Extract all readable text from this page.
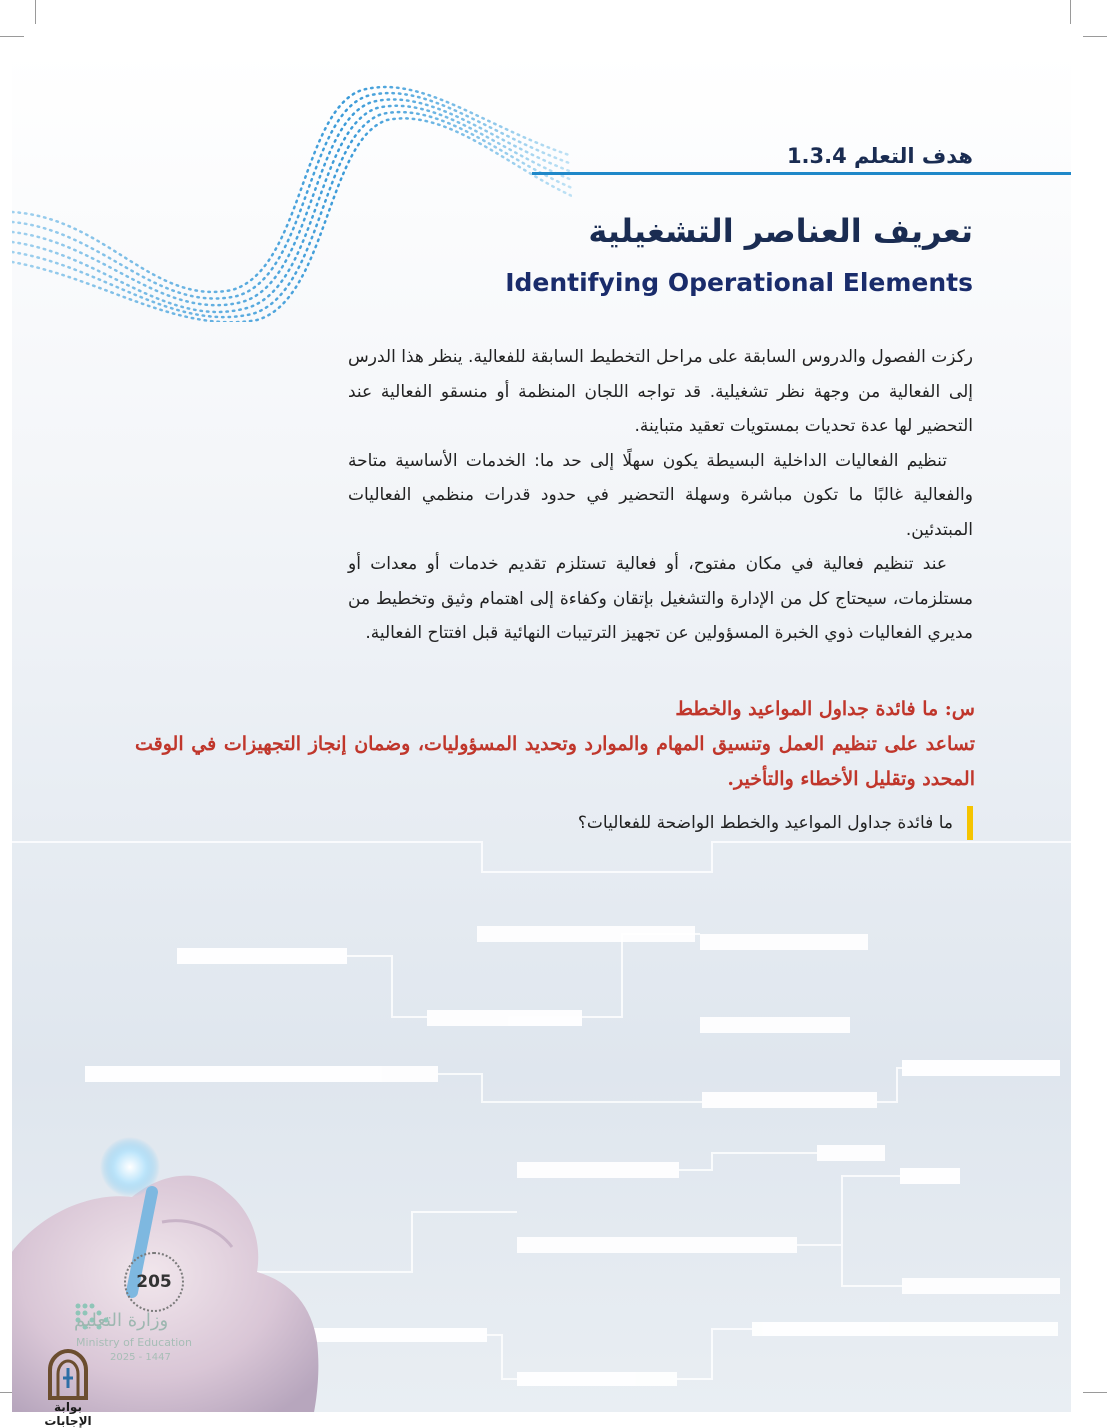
هدف التعلم 1.3.4
تعريف العناصر التشغيلية
Identifying Operational Elements

ركزت الفصول والدروس السابقة على مراحل التخطيط السابقة للفعالية. ينظر هذا الدرس إلى الفعالية من وجهة نظر تشغيلية. قد تواجه اللجان المنظمة أو منسقو الفعالية عند التحضير لها عدة تحديات بمستويات تعقيد متباينة.

تنظيم الفعاليات الداخلية البسيطة يكون سهلًا إلى حد ما: الخدمات الأساسية متاحة والفعالية غالبًا ما تكون مباشرة وسهلة التحضير في حدود قدرات منظمي الفعاليات المبتدئين.

عند تنظيم فعالية في مكان مفتوح، أو فعالية تستلزم تقديم خدمات أو معدات أو مستلزمات، سيحتاج كل من الإدارة والتشغيل بإتقان وكفاءة إلى اهتمام وثيق وتخطيط من مديري الفعاليات ذوي الخبرة المسؤولين عن تجهيز الترتيبات النهائية قبل افتتاح الفعالية.

س: ما فائدة جداول المواعيد والخطط

تساعد على تنظيم العمل وتنسيق المهام والموارد وتحديد المسؤوليات، وضمان إنجاز التجهيزات في الوقت المحدد وتقليل الأخطاء والتأخير.

ما فائدة جداول المواعيد والخطط الواضحة للفعاليات؟
205
وزارة التعليم
Ministry of Education
2025 - 1447
بوابة الإجابات
